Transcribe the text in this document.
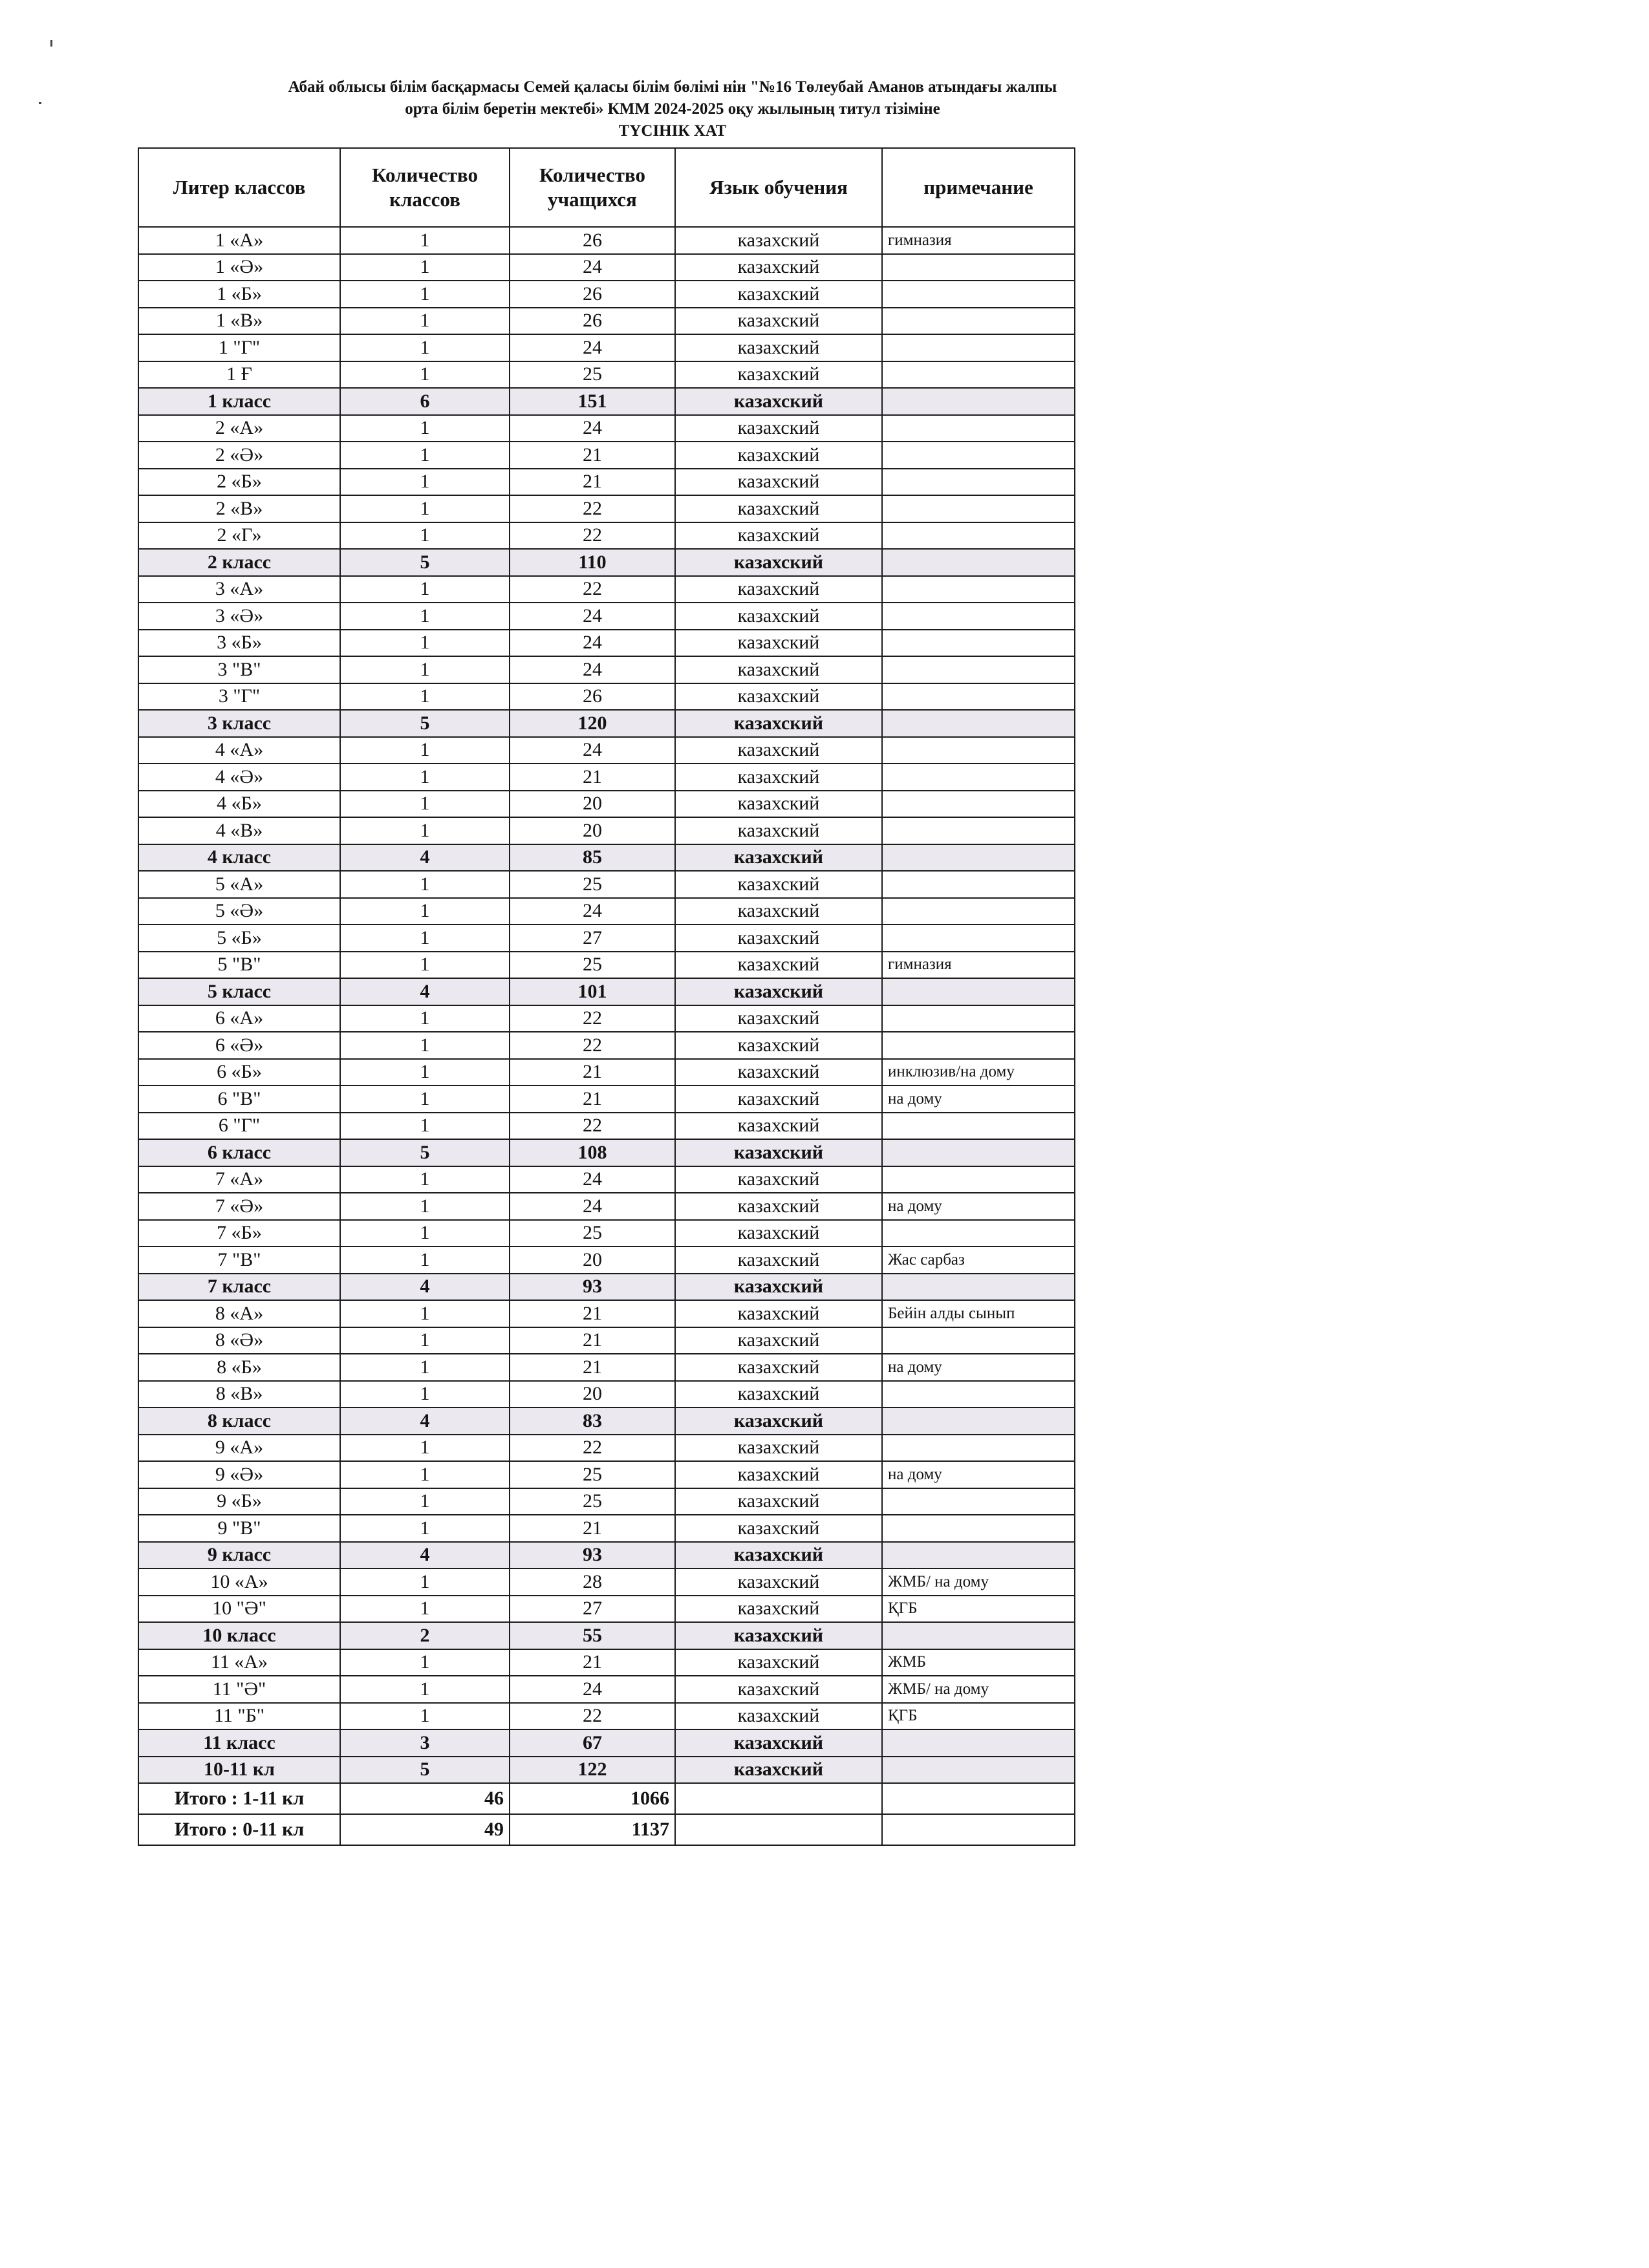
Абай облысы білім басқармасы Семей қаласы білім бөлімі нін "№16 Төлеубай Аманов атындағы жалпы
орта білім беретін мектебі» КММ 2024-2025 оқу жылының титул тізіміне
ТҮСІНІК ХАТ
Литер классов	Количество классов	Количество учащихся	Язык обучения	примечание
1 «А»	1	26	казахский	гимназия
1 «Ә»	1	24	казахский	
1 «Б»	1	26	казахский	
1 «В»	1	26	казахский	
1 "Г"	1	24	казахский	
1 Ғ	1	25	казахский	
1 класс	6	151	казахский	
2 «А»	1	24	казахский	
2 «Ә»	1	21	казахский	
2 «Б»	1	21	казахский	
2 «В»	1	22	казахский	
2 «Г»	1	22	казахский	
2 класс	5	110	казахский	
3 «А»	1	22	казахский	
3 «Ә»	1	24	казахский	
3 «Б»	1	24	казахский	
3 "В"	1	24	казахский	
3 "Г"	1	26	казахский	
3 класс	5	120	казахский	
4 «А»	1	24	казахский	
4 «Ә»	1	21	казахский	
4 «Б»	1	20	казахский	
4 «В»	1	20	казахский	
4 класс	4	85	казахский	
5 «А»	1	25	казахский	
5 «Ә»	1	24	казахский	
5 «Б»	1	27	казахский	
5 "В"	1	25	казахский	гимназия
5 класс	4	101	казахский	
6 «А»	1	22	казахский	
6 «Ә»	1	22	казахский	
6 «Б»	1	21	казахский	инклюзив/на дому
6 "В"	1	21	казахский	на дому
6 "Г"	1	22	казахский	
6 класс	5	108	казахский	
7 «А»	1	24	казахский	
7 «Ә»	1	24	казахский	на дому
7 «Б»	1	25	казахский	
7 "В"	1	20	казахский	Жас сарбаз
7 класс	4	93	казахский	
8 «А»	1	21	казахский	Бейін алды сынып
8 «Ә»	1	21	казахский	
8 «Б»	1	21	казахский	на дому
8 «В»	1	20	казахский	
8 класс	4	83	казахский	
9 «А»	1	22	казахский	
9 «Ә»	1	25	казахский	на дому
9 «Б»	1	25	казахский	
9 "В"	1	21	казахский	
9 класс	4	93	казахский	
10 «А»	1	28	казахский	ЖМБ/ на дому
10 "Ә"	1	27	казахский	ҚГБ
10 класс	2	55	казахский	
11 «А»	1	21	казахский	ЖМБ
11 "Ә"	1	24	казахский	ЖМБ/ на дому
11 "Б"	1	22	казахский	ҚГБ
11 класс	3	67	казахский	
10-11 кл	5	122	казахский	
Итого : 1-11 кл	46	1066		
Итого : 0-11 кл	49	1137		
